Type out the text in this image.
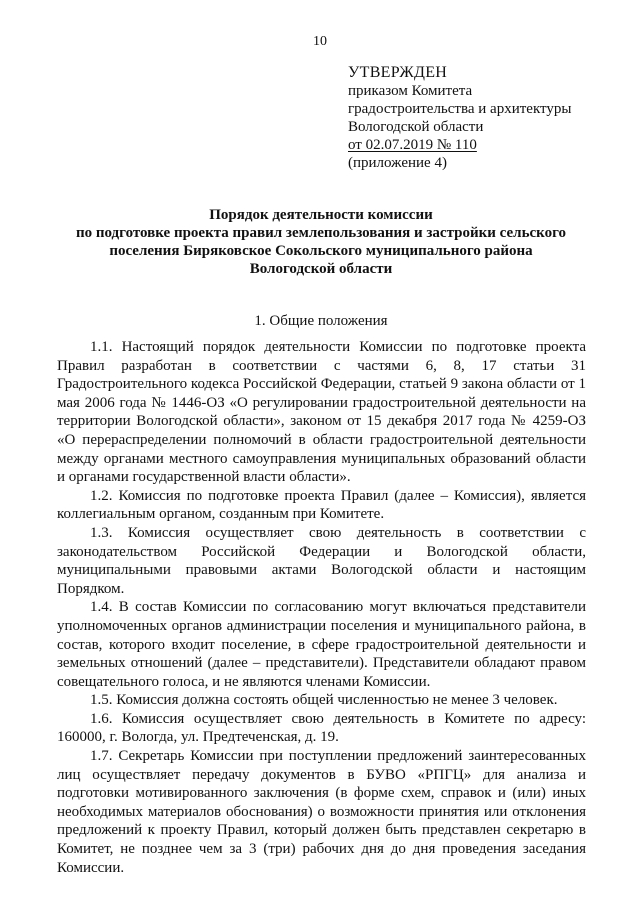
10
УТВЕРЖДЕН
приказом Комитета
градостроительства и архитектуры
Вологодской области
от 02.07.2019 № 110
(приложение 4)
Порядок деятельности комиссии
по подготовке проекта правил землепользования и застройки сельского
поселения Биряковское Сокольского муниципального района
Вологодской области
1. Общие положения

1.1. Настоящий порядок деятельности Комиссии по подготовке проекта Правил разработан в соответствии с частями 6, 8, 17 статьи 31 Градостроительного кодекса Российской Федерации, статьей 9 закона области от 1 мая 2006 года № 1446-ОЗ «О регулировании градостроительной деятельности на территории Вологодской области», законом от 15 декабря 2017 года № 4259-ОЗ «О перераспределении полномочий в области градостроительной деятельности между органами местного самоуправления муниципальных образований области и органами государственной власти области».

1.2. Комиссия по подготовке проекта Правил (далее – Комиссия), является коллегиальным органом, созданным при Комитете.

1.3. Комиссия осуществляет свою деятельность в соответствии с законодательством Российской Федерации и Вологодской области, муниципальными правовыми актами Вологодской области и настоящим Порядком.

1.4. В состав Комиссии по согласованию могут включаться представители уполномоченных органов администрации поселения и муниципального района, в состав, которого входит поселение, в сфере градостроительной деятельности и земельных отношений (далее – представители). Представители обладают правом совещательного голоса, и не являются членами Комиссии.

1.5. Комиссия должна состоять общей численностью не менее 3 человек.

1.6. Комиссия осуществляет свою деятельность в Комитете по адресу: 160000, г. Вологда, ул. Предтеченская, д. 19.

1.7. Секретарь Комиссии при поступлении предложений заинтересованных лиц осуществляет передачу документов в БУВО «РПГЦ» для анализа и подготовки мотивированного заключения (в форме схем, справок и (или) иных необходимых материалов обоснования) о возможности принятия или отклонения предложений к проекту Правил, который должен быть представлен секретарю в Комитет, не позднее чем за 3 (три) рабочих дня до дня проведения заседания Комиссии.
